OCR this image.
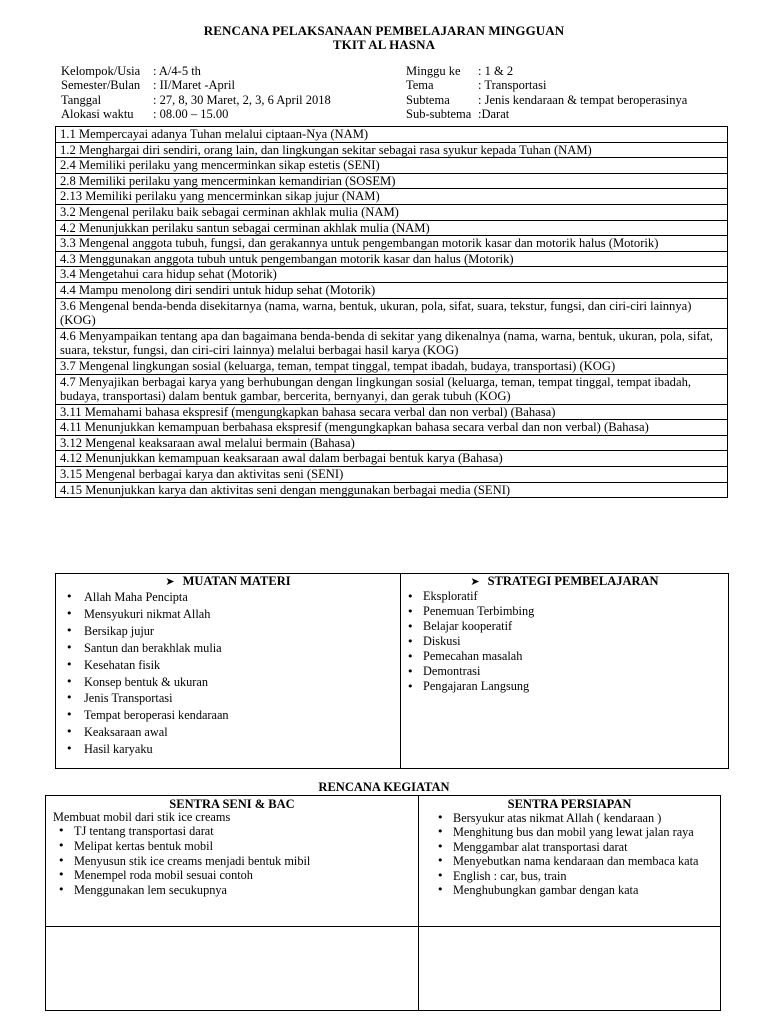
RENCANA PELAKSANAAN PEMBELAJARAN MINGGUAN
TKIT AL HASNA
Kelompok/Usia	: A/4-5 th
Semester/Bulan	: II/Maret -April
Tanggal	: 27, 8, 30 Maret, 2, 3, 6 April 2018
Alokasi waktu	: 08.00 – 15.00
Minggu ke	: 1 & 2
Tema	: Transportasi
Subtema	: Jenis kendaraan & tempat beroperasinya
Sub-subtema :Darat
1.1 Mempercayai adanya Tuhan melalui ciptaan-Nya (NAM)
1.2 Menghargai diri sendiri, orang lain, dan lingkungan sekitar sebagai rasa syukur kepada Tuhan (NAM)
2.4 Memiliki perilaku yang mencerminkan sikap estetis (SENI)
2.8 Memiliki perilaku yang mencerminkan kemandirian (SOSEM)
2.13 Memiliki perilaku yang mencerminkan sikap jujur (NAM)
3.2 Mengenal perilaku baik sebagai cerminan akhlak mulia (NAM)
4.2 Menunjukkan perilaku santun sebagai cerminan akhlak mulia (NAM)
3.3 Mengenal anggota tubuh, fungsi, dan gerakannya untuk pengembangan motorik kasar dan motorik halus (Motorik)
4.3 Menggunakan anggota tubuh untuk pengembangan motorik kasar dan halus (Motorik)
3.4 Mengetahui cara hidup sehat (Motorik)
4.4 Mampu menolong diri sendiri untuk hidup sehat (Motorik)
3.6 Mengenal benda-benda disekitarnya (nama, warna, bentuk, ukuran, pola, sifat, suara, tekstur, fungsi, dan ciri-ciri lainnya) (KOG)
4.6 Menyampaikan tentang apa dan bagaimana benda-benda di sekitar yang dikenalnya (nama, warna, bentuk, ukuran, pola, sifat, suara, tekstur, fungsi, dan ciri-ciri lainnya) melalui berbagai hasil karya (KOG)
3.7 Mengenal lingkungan sosial (keluarga, teman, tempat tinggal, tempat ibadah, budaya, transportasi) (KOG)
4.7 Menyajikan berbagai karya yang berhubungan dengan lingkungan sosial (keluarga, teman, tempat tinggal, tempat ibadah, budaya, transportasi) dalam bentuk gambar, bercerita, bernyanyi, dan gerak tubuh (KOG)
3.11 Memahami bahasa ekspresif (mengungkapkan bahasa secara verbal dan non verbal) (Bahasa)
4.11 Menunjukkan kemampuan berbahasa ekspresif (mengungkapkan bahasa secara verbal dan non verbal) (Bahasa)
3.12 Mengenal keaksaraan awal melalui bermain (Bahasa)
4.12 Menunjukkan kemampuan keaksaraan awal dalam berbagai bentuk karya (Bahasa)
3.15 Mengenal berbagai karya dan aktivitas seni (SENI)
4.15 Menunjukkan karya dan aktivitas seni dengan menggunakan berbagai media (SENI)
➤ MUATAN MATERI
• Allah Maha Pencipta
• Mensyukuri nikmat Allah
• Bersikap jujur
• Santun dan berakhlak mulia
• Kesehatan fisik
• Konsep bentuk & ukuran
• Jenis Transportasi
• Tempat beroperasi kendaraan
• Keaksaraan awal
• Hasil karyaku
➤ STRATEGI PEMBELAJARAN
• Eksploratif
• Penemuan Terbimbing
• Belajar kooperatif
• Diskusi
• Pemecahan masalah
• Demontrasi
• Pengajaran Langsung
RENCANA KEGIATAN
SENTRA SENI & BAC
Membuat mobil dari stik ice creams
• TJ tentang transportasi darat
• Melipat kertas bentuk mobil
• Menyusun stik ice creams menjadi bentuk mibil
• Menempel roda mobil sesuai contoh
• Menggunakan lem secukupnya
SENTRA PERSIAPAN
• Bersyukur atas nikmat Allah ( kendaraan )
• Menghitung bus dan mobil yang lewat jalan raya
• Menggambar alat transportasi darat
• Menyebutkan nama kendaraan dan membaca kata
• English : car, bus, train
• Menghubungkan gambar dengan kata
